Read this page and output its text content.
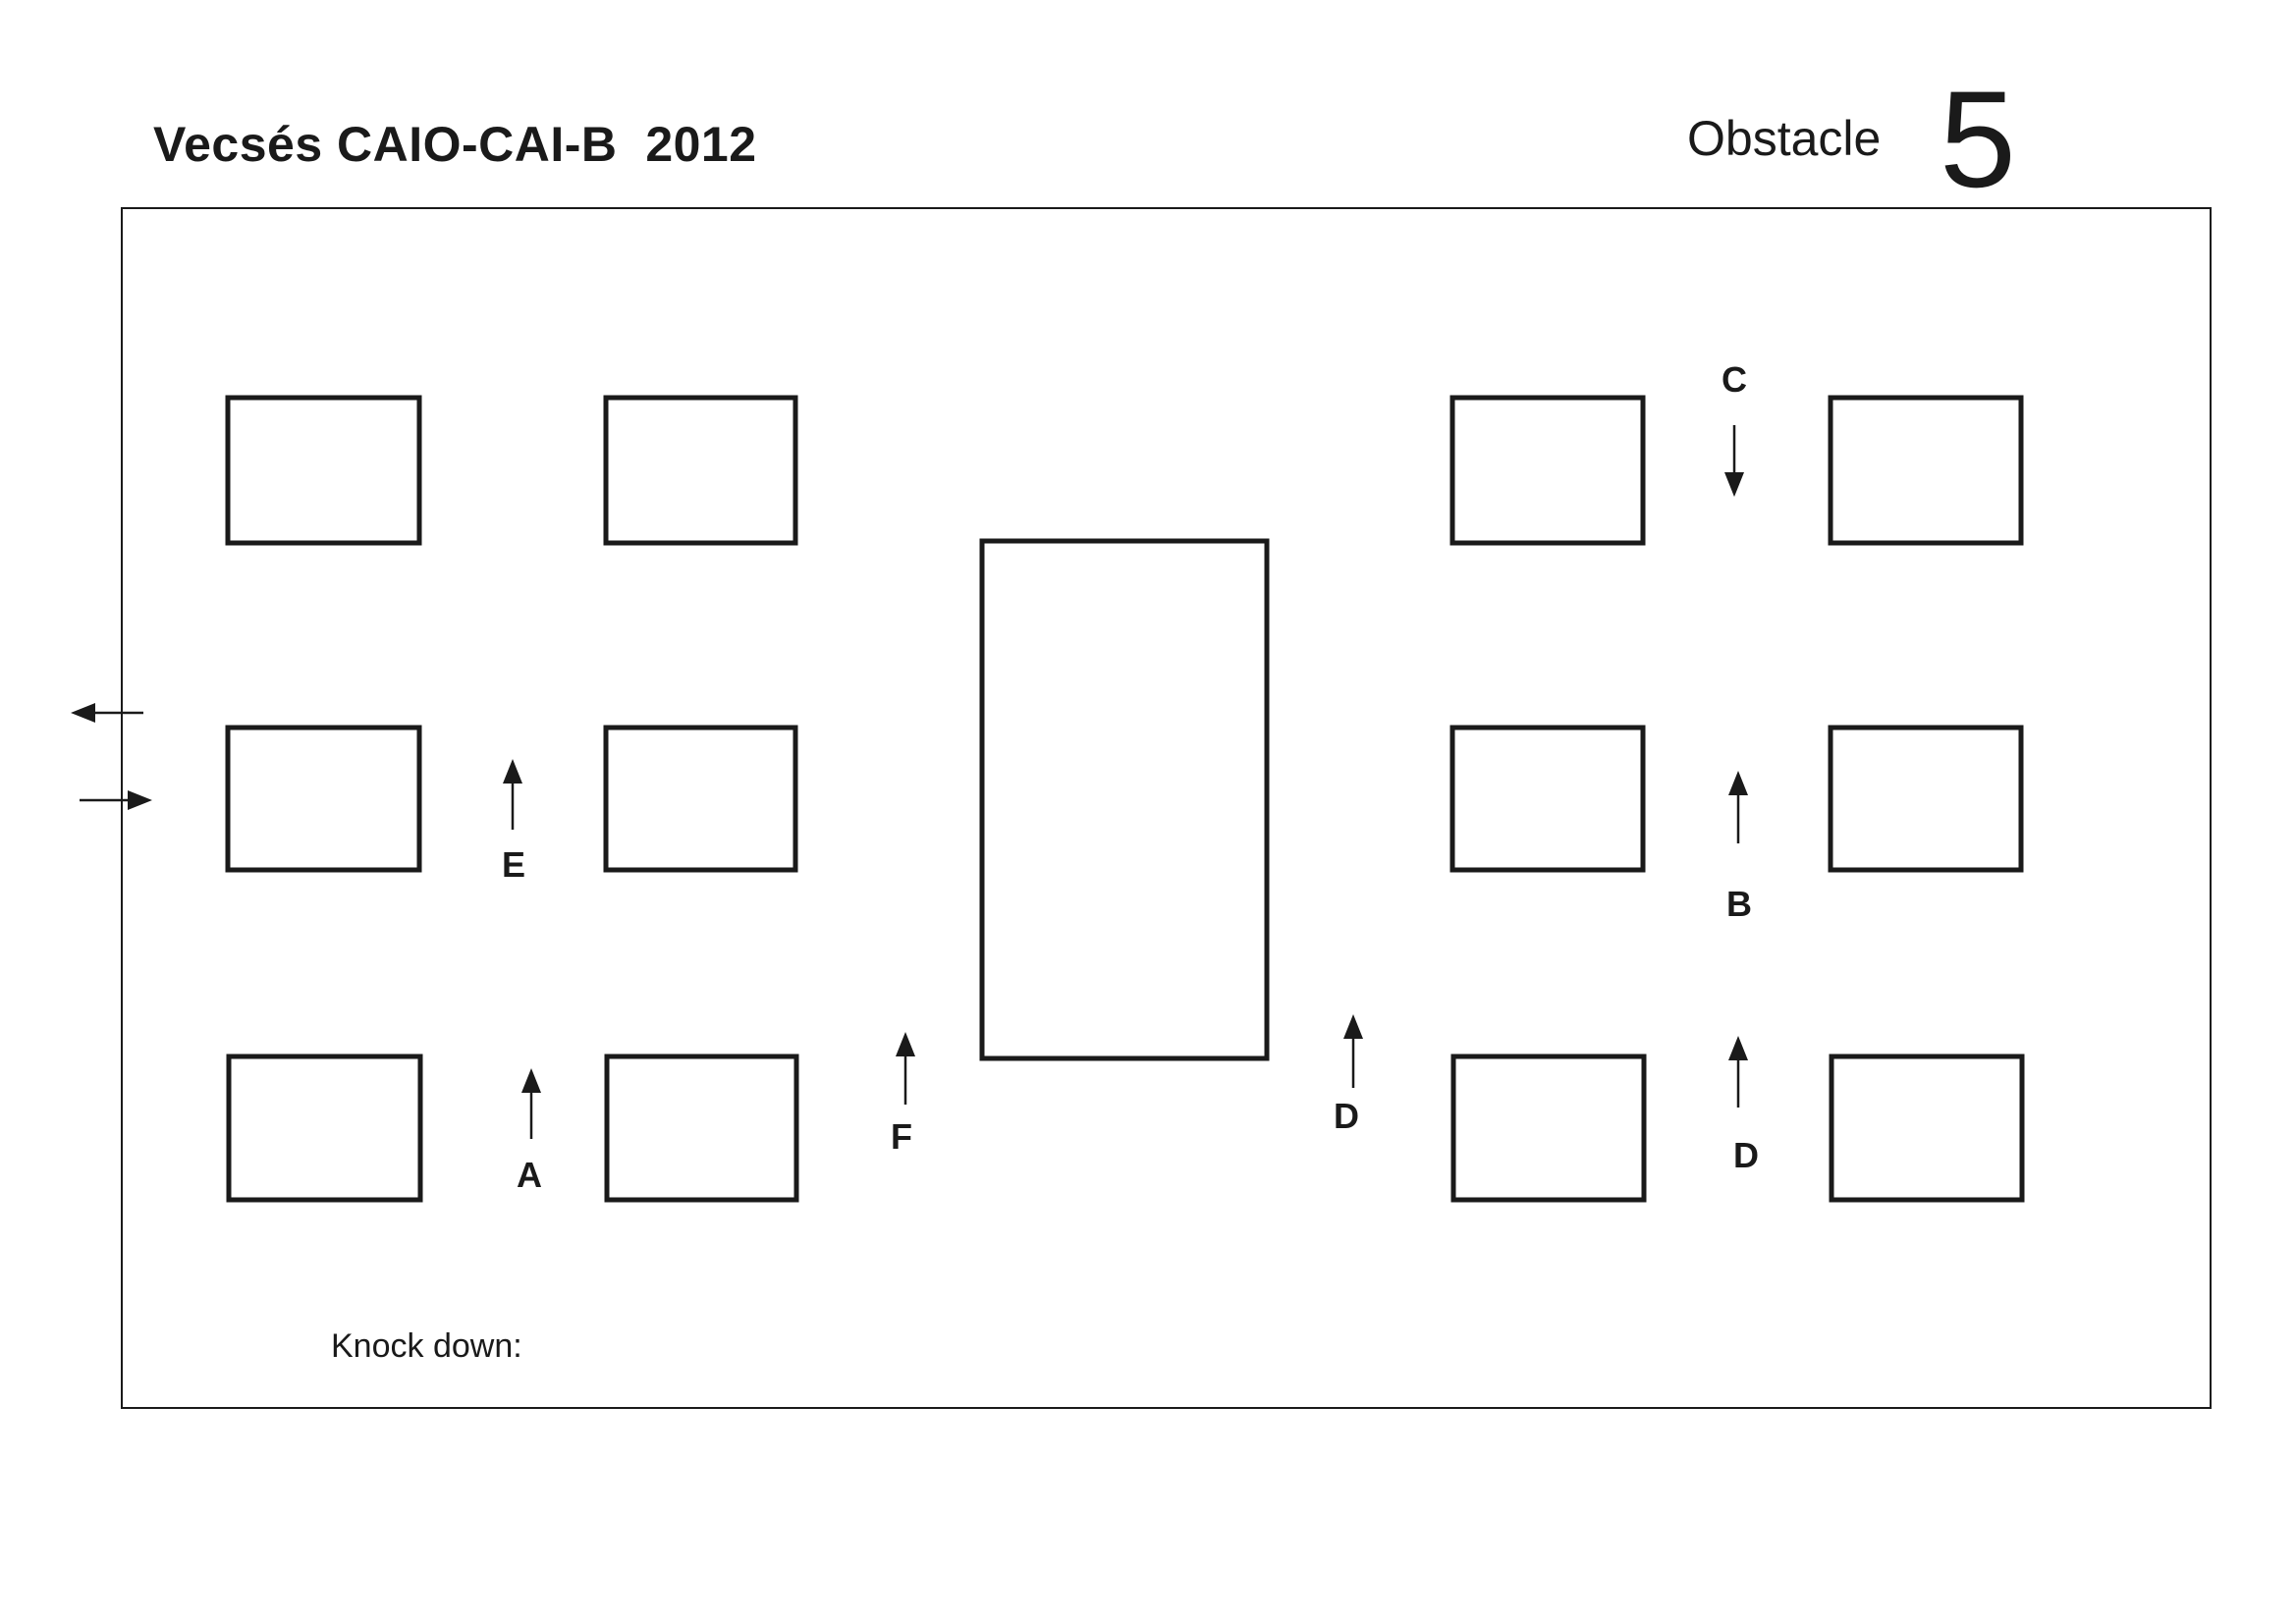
Vecsés CAIO-CAI-B  2012	Obstacle 5
A
B
C
D
D
E
F
Knock down:
